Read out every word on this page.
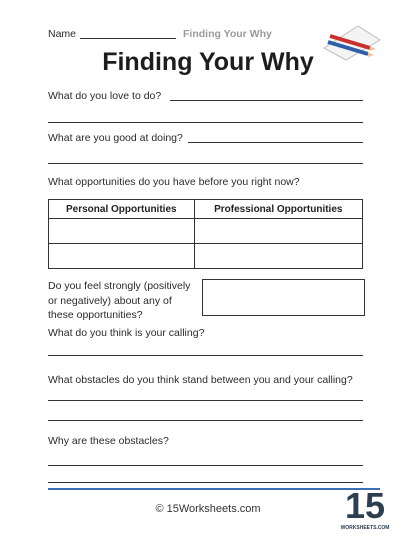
Name	Finding Your Why
Finding Your Why
What do you love to do?
What are you good at doing?
What opportunities do you have before you right now?
Personal Opportunities	Professional Opportunities

Do you feel strongly (positively
or negatively) about any of
these opportunities?
What do you think is your calling?
What obstacles do you think stand between you and your calling?
Why are these obstacles?
© 15Worksheets.com	15
WORKSHEETS.COM
